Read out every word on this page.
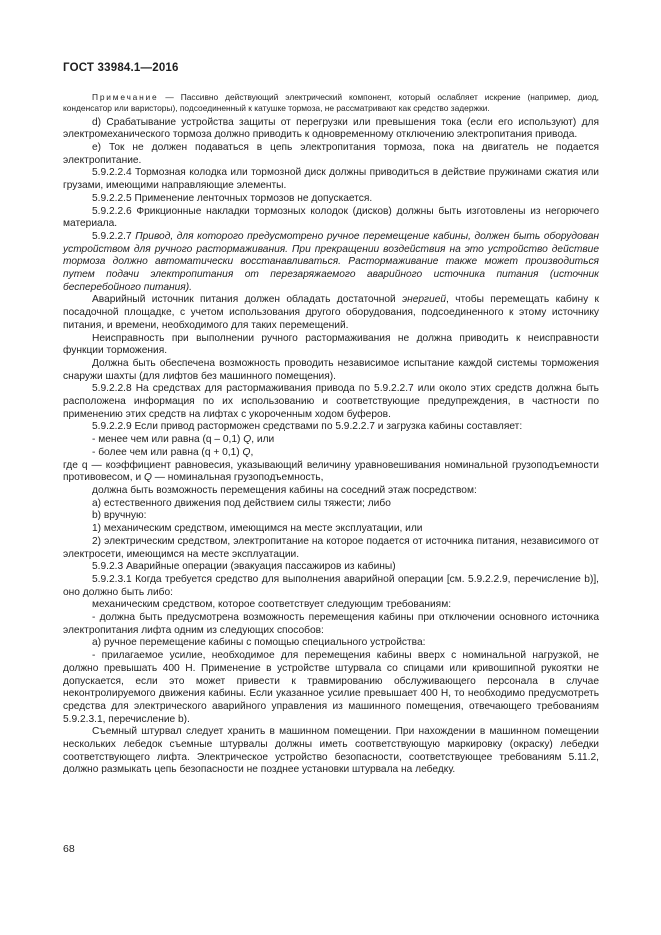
ГОСТ 33984.1—2016

Примечание — Пассивно действующий электрический компонент, который ослабляет искрение (например, диод, конденсатор или варисторы), подсоединенный к катушке тормоза, не рассматривают как средство задержки.

d) Срабатывание устройства защиты от перегрузки или превышения тока (если его используют) для электромеханического тормоза должно приводить к одновременному отключению электропитания привода.

e) Ток не должен подаваться в цепь электропитания тормоза, пока на двигатель не подается электропитание.

5.9.2.2.4 Тормозная колодка или тормозной диск должны приводиться в действие пружинами сжатия или грузами, имеющими направляющие элементы.

5.9.2.2.5 Применение ленточных тормозов не допускается.

5.9.2.2.6 Фрикционные накладки тормозных колодок (дисков) должны быть изготовлены из негорючего материала.

5.9.2.2.7 Привод, для которого предусмотрено ручное перемещение кабины, должен быть оборудован устройством для ручного растормаживания. При прекращении воздействия на это устройство действие тормоза должно автоматически восстанавливаться. Растормаживание также может производиться путем подачи электропитания от перезаряжаемого аварийного источника питания (источник бесперебойного питания).

Аварийный источник питания должен обладать достаточной энергией, чтобы перемещать кабину к посадочной площадке, с учетом использования другого оборудования, подсоединенного к этому источнику питания, и времени, необходимого для таких перемещений.

Неисправность при выполнении ручного растормаживания не должна приводить к неисправности функции торможения.

Должна быть обеспечена возможность проводить независимое испытание каждой системы торможения снаружи шахты (для лифтов без машинного помещения).

5.9.2.2.8 На средствах для растормаживания привода по 5.9.2.2.7 или около этих средств должна быть расположена информация по их использованию и соответствующие предупреждения, в частности по применению этих средств на лифтах с укороченным ходом буферов.

5.9.2.2.9 Если привод расторможен средствами по 5.9.2.2.7 и загрузка кабины составляет:

- менее чем или равна (q – 0,1) Q, или

- более чем или равна (q + 0,1) Q,

где q — коэффициент равновесия, указывающий величину уравновешивания номинальной грузоподъемности противовесом, и Q — номинальная грузоподъемность,

должна быть возможность перемещения кабины на соседний этаж посредством:

а) естественного движения под действием силы тяжести; либо

b) вручную:

1) механическим средством, имеющимся на месте эксплуатации, или

2) электрическим средством, электропитание на которое подается от источника питания, независимого от электросети, имеющимся на месте эксплуатации.

5.9.2.3 Аварийные операции (эвакуация пассажиров из кабины)

5.9.2.3.1 Когда требуется средство для выполнения аварийной операции [см. 5.9.2.2.9, перечисление b)], оно должно быть либо:

механическим средством, которое соответствует следующим требованиям:

- должна быть предусмотрена возможность перемещения кабины при отключении основного источника электропитания лифта одним из следующих способов:

а) ручное перемещение кабины с помощью специального устройства:

- прилагаемое усилие, необходимое для перемещения кабины вверх с номинальной нагрузкой, не должно превышать 400 Н. Применение в устройстве штурвала со спицами или кривошипной рукоятки не допускается, если это может привести к травмированию обслуживающего персонала в случае неконтролируемого движения кабины. Если указанное усилие превышает 400 Н, то необходимо предусмотреть средства для электрического аварийного управления из машинного помещения, отвечающего требованиям 5.9.2.3.1, перечисление b).

Съемный штурвал следует хранить в машинном помещении. При нахождении в машинном помещении нескольких лебедок съемные штурвалы должны иметь соответствующую маркировку (окраску) лебедки соответствующего лифта. Электрическое устройство безопасности, соответствующее требованиям 5.11.2, должно размыкать цепь безопасности не позднее установки штурвала на лебедку.

68
